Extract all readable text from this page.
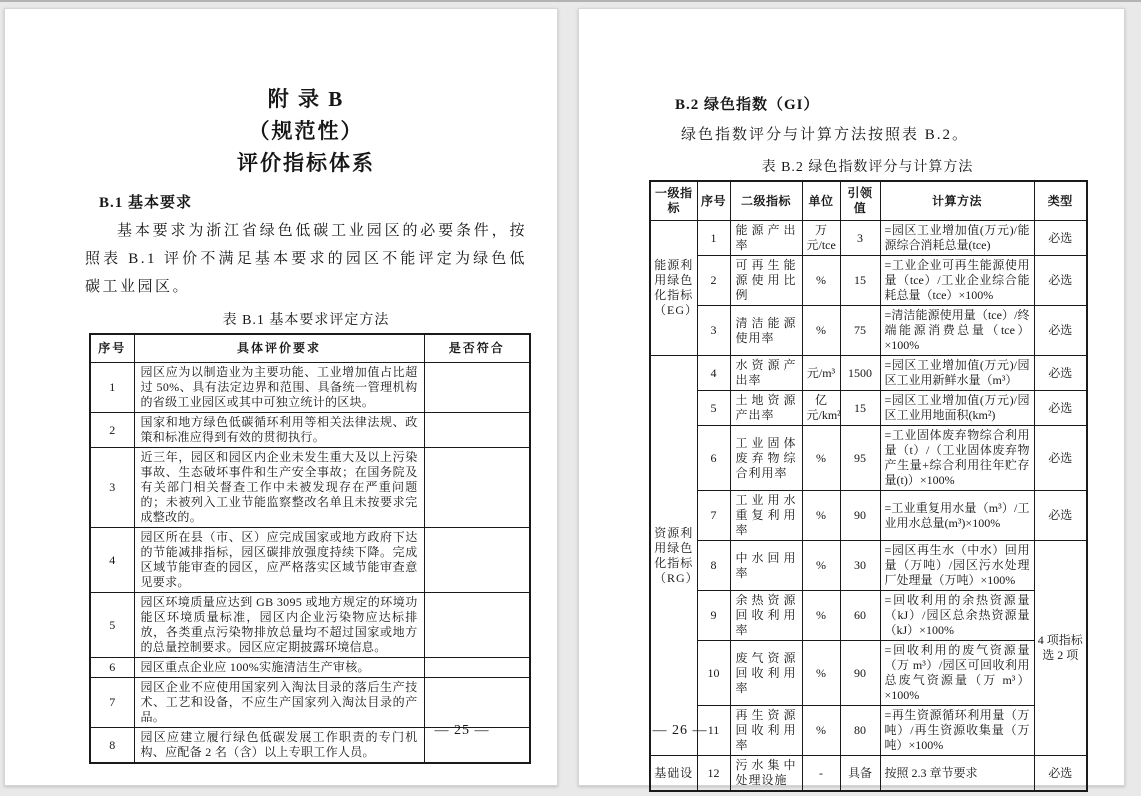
附 录 B
（规范性）
评价指标体系
B.1 基本要求

基本要求为浙江省绿色低碳工业园区的必要条件，按照表 B.1 评价不满足基本要求的园区不能评定为绿色低碳工业园区。

表 B.1 基本要求评定方法
序号	具体评价要求	是否符合
1	园区应为以制造业为主要功能、工业增加值占比超过 50%、具有法定边界和范围、具备统一管理机构的省级工业园区或其中可独立统计的区块。	
2	国家和地方绿色低碳循环利用等相关法律法规、政策和标准应得到有效的贯彻执行。	
3	近三年，园区和园区内企业未发生重大及以上污染事故、生态破坏事件和生产安全事故；在国务院及有关部门相关督查工作中未被发现存在严重问题的；未被列入工业节能监察整改名单且未按要求完成整改的。	
4	园区所在县（市、区）应完成国家或地方政府下达的节能减排指标，园区碳排放强度持续下降。完成区域节能审查的园区，应严格落实区域节能审查意见要求。	
5	园区环境质量应达到 GB 3095 或地方规定的环境功能区环境质量标准，园区内企业污染物应达标排放，各类重点污染物排放总量均不超过国家或地方的总量控制要求。园区应定期披露环境信息。	
6	园区重点企业应 100%实施清洁生产审核。	
7	园区企业不应使用国家列入淘汰目录的落后生产技术、工艺和设备，不应生产国家列入淘汰目录的产品。	
8	园区应建立履行绿色低碳发展工作职责的专门机构、应配备 2 名（含）以上专职工作人员。	
— 25 —
B.2 绿色指数（GI）

绿色指数评分与计算方法按照表 B.2。

表 B.2 绿色指数评分与计算方法
一级指标	序号	二级指标	单位	引领值	计算方法	类型
能源利用绿色化指标（EG）	1	能源产出率	万元/tce	3	=园区工业增加值(万元)/能源综合消耗总量(tce)	必选
	2	可再生能源使用比例	%	15	=工业企业可再生能源使用量（tce）/工业企业综合能耗总量（tce）×100%	必选
	3	清洁能源使用率	%	75	=清洁能源使用量（tce）/终端能源消费总量（tce）×100%	必选
资源利用绿色化指标（RG）	4	水资源产出率	元/m³	1500	=园区工业增加值(万元)/园区工业用新鲜水量（m³）	必选
	5	土地资源产出率	亿元/km²	15	=园区工业增加值(万元)/园区工业用地面积(km²)	必选
	6	工业固体废弃物综合利用率	%	95	=工业固体废弃物综合利用量（t）/（工业固体废弃物产生量+综合利用往年贮存量(t)）×100%	必选
	7	工业用水重复利用率	%	90	=工业重复用水量（m³）/工业用水总量(m³)×100%	必选
	8	中水回用率	%	30	=园区再生水（中水）回用量（万吨）/园区污水处理厂处理量（万吨）×100%	4 项指标选 2 项
	9	余热资源回收利用率	%	60	=回收利用的余热资源量（kJ）/园区总余热资源量（kJ）×100%	
	10	废气资源回收利用率	%	90	=回收利用的废气资源量（万 m³）/园区可回收利用总废气资源量（万 m³）×100%	
	11	再生资源回收利用率	%	80	=再生资源循环利用量（万吨）/再生资源收集量（万吨）×100%	
基础设	12	污水集中处理设施	-	具备	按照 2.3 章节要求	必选
— 26 —
